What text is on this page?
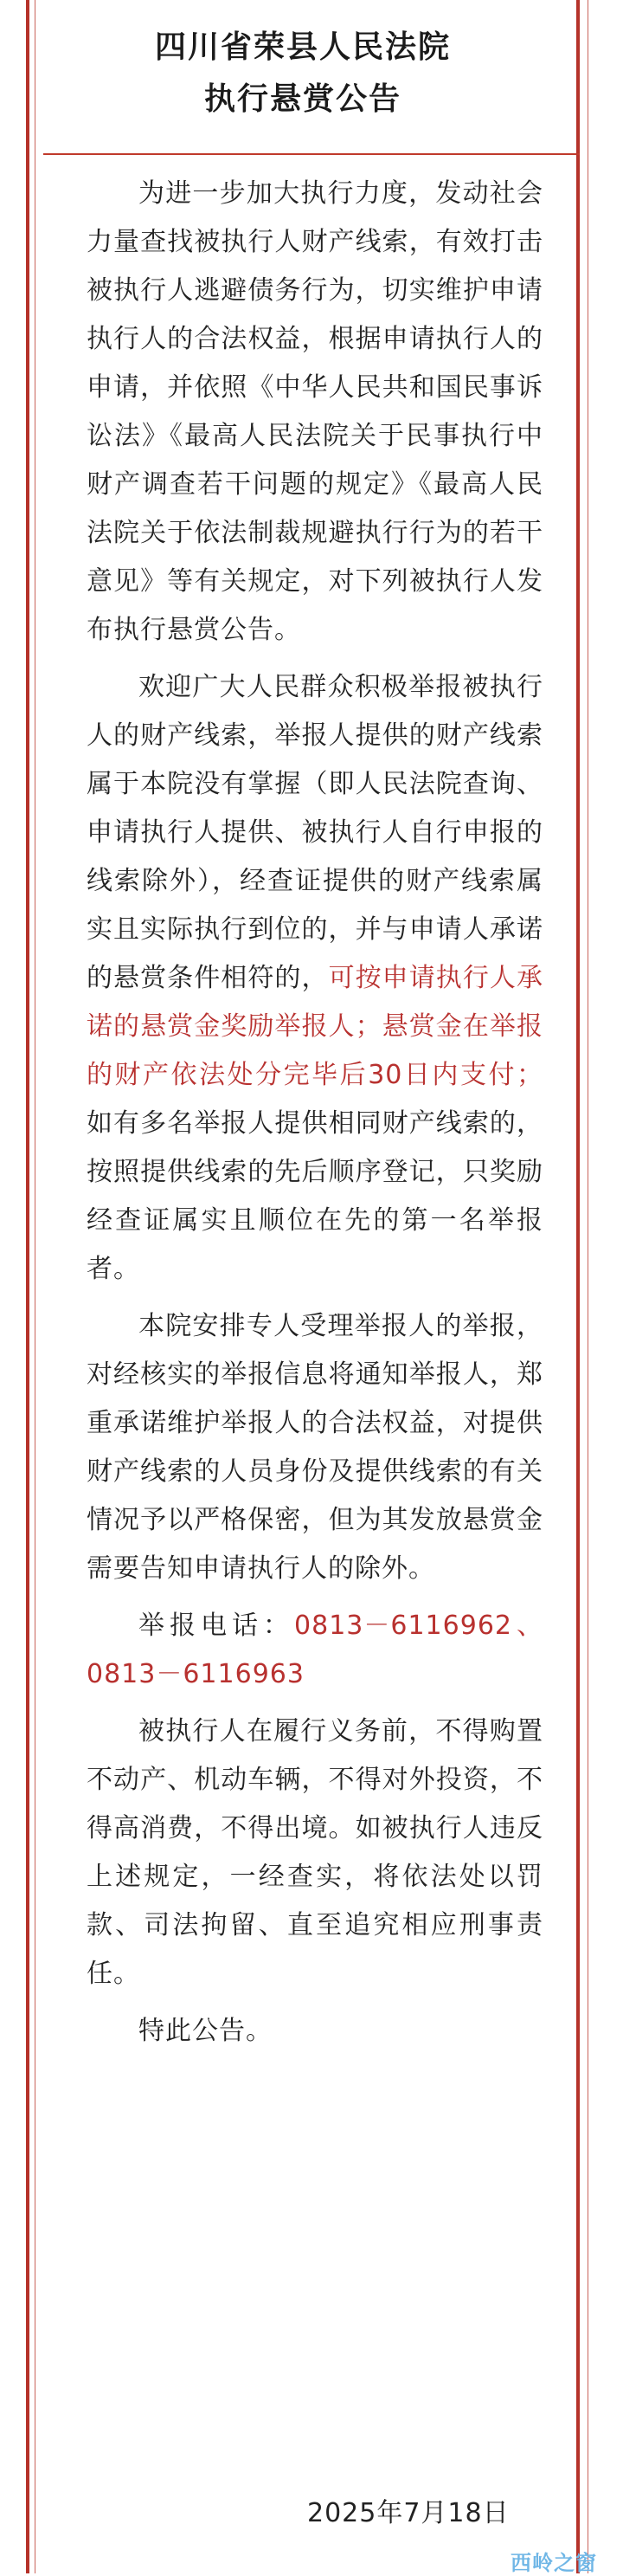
四川省荣县人民法院
执行悬赏公告

为进一步加大执行力度，发动社会力量查找被执行人财产线索，有效打击被执行人逃避债务行为，切实维护申请执行人的合法权益，根据申请执行人的申请，并依照《中华人民共和国民事诉讼法》《最高人民法院关于民事执行中财产调查若干问题的规定》《最高人民法院关于依法制裁规避执行行为的若干意见》等有关规定，对下列被执行人发布执行悬赏公告。

欢迎广大人民群众积极举报被执行人的财产线索，举报人提供的财产线索属于本院没有掌握（即人民法院查询、申请执行人提供、被执行人自行申报的线索除外），经查证提供的财产线索属实且实际执行到位的，并与申请人承诺的悬赏条件相符的，可按申请执行人承诺的悬赏金奖励举报人；悬赏金在举报的财产依法处分完毕后30日内支付；如有多名举报人提供相同财产线索的，按照提供线索的先后顺序登记，只奖励经查证属实且顺位在先的第一名举报者。

本院安排专人受理举报人的举报，对经核实的举报信息将通知举报人，郑重承诺维护举报人的合法权益，对提供财产线索的人员身份及提供线索的有关情况予以严格保密，但为其发放悬赏金需要告知申请执行人的除外。

举报电话：0813－6116962、0813－6116963

被执行人在履行义务前，不得购置不动产、机动车辆，不得对外投资，不得高消费，不得出境。如被执行人违反上述规定，一经查实，将依法处以罚款、司法拘留、直至追究相应刑事责任。

特此公告。

2025年7月18日
西岭之窗
